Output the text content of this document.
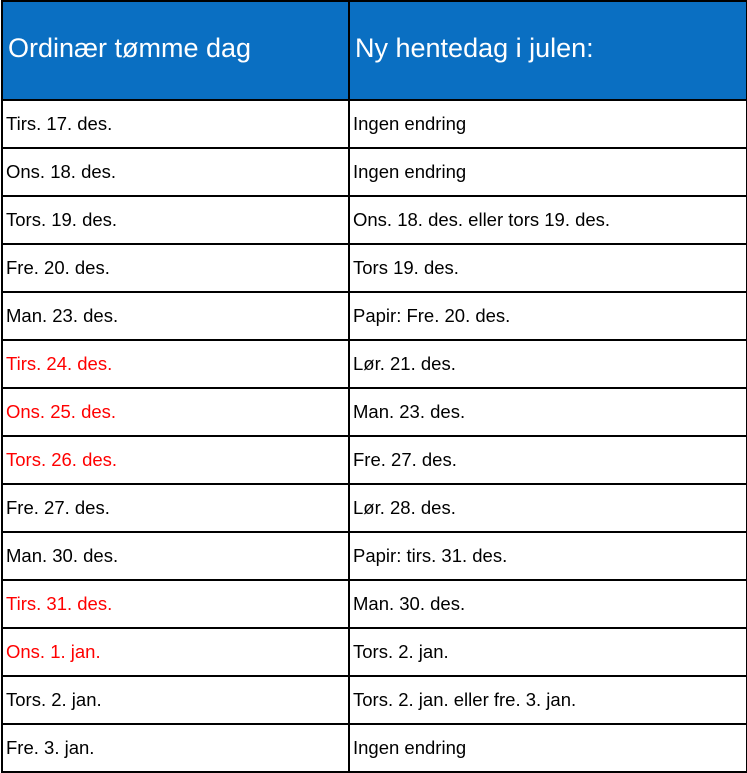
Ordinær tømme dag	Ny hentedag i julen:
Tirs. 17. des.	Ingen endring
Ons. 18. des.	Ingen endring
Tors. 19. des.	Ons. 18. des. eller tors 19. des.
Fre. 20. des.	Tors 19. des.
Man. 23. des.	Papir: Fre. 20. des.
Tirs. 24. des.	Lør. 21. des.
Ons. 25. des.	Man. 23. des.
Tors. 26. des.	Fre. 27. des.
Fre. 27. des.	Lør. 28. des.
Man. 30. des.	Papir: tirs. 31. des.
Tirs. 31. des.	Man. 30. des.
Ons. 1. jan.	Tors. 2. jan.
Tors. 2. jan.	Tors. 2. jan. eller fre. 3. jan.
Fre. 3. jan.	Ingen endring
